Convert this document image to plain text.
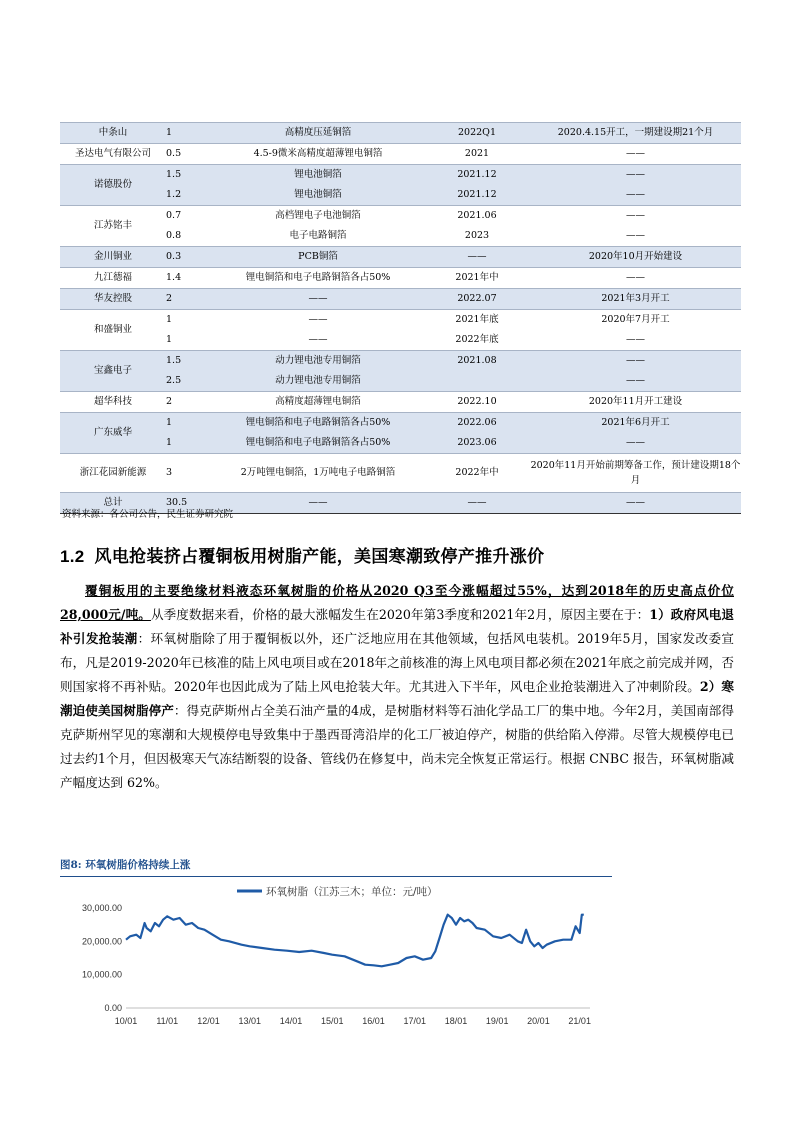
中条山	1	高精度压延铜箔	2022Q1	2020.4.15开工，一期建设期21个月
圣达电气有限公司	0.5	4.5-9微米高精度超薄锂电铜箔	2021	——
诺德股份	1.5	锂电池铜箔	2021.12	——
	1.2	锂电池铜箔	2021.12	——
江苏铭丰	0.7	高档锂电子电池铜箔	2021.06	——
	0.8	电子电路铜箔	2023	——
金川铜业	0.3	PCB铜箔	——	2020年10月开始建设
九江德福	1.4	锂电铜箔和电子电路铜箔各占50%	2021年中	——
华友控股	2	——	2022.07	2021年3月开工
和盛铜业	1	——	2021年底	2020年7月开工
	1	——	2022年底	——
宝鑫电子	1.5	动力锂电池专用铜箔	2021.08	——
	2.5	动力锂电池专用铜箔		——
超华科技	2	高精度超薄锂电铜箔	2022.10	2020年11月开工建设
广东威华	1	锂电铜箔和电子电路铜箔各占50%	2022.06	2021年6月开工
	1	锂电铜箔和电子电路铜箔各占50%	2023.06	——
浙江花园新能源	3	2万吨锂电铜箔，1万吨电子电路铜箔	2022年中	2020年11月开始前期筹备工作，预计建设期18个月
总计	30.5	——	——	——
资料来源：各公司公告，民生证券研究院
1.2 风电抢装挤占覆铜板用树脂产能，美国寒潮致停产推升涨价
覆铜板用的主要绝缘材料液态环氧树脂的价格从2020 Q3至今涨幅超过55%，达到2018年的历史高点价位28,000元/吨。从季度数据来看，价格的最大涨幅发生在2020年第3季度和2021年2月，原因主要在于：1）政府风电退补引发抢装潮：环氧树脂除了用于覆铜板以外，还广泛地应用在其他领域，包括风电装机。2019年5月，国家发改委宣布，凡是2019-2020年已核准的陆上风电项目或在2018年之前核准的海上风电项目都必须在2021年底之前完成并网，否则国家将不再补贴。2020年也因此成为了陆上风电抢装大年。尤其进入下半年，风电企业抢装潮进入了冲刺阶段。2）寒潮迫使美国树脂停产：得克萨斯州占全美石油产量的4成，是树脂材料等石油化学品工厂的集中地。今年2月，美国南部得克萨斯州罕见的寒潮和大规模停电导致集中于墨西哥湾沿岸的化工厂被迫停产，树脂的供给陷入停滞。尽管大规模停电已过去约1个月，但因极寒天气冻结断裂的设备、管线仍在修复中，尚未完全恢复正常运行。根据 CNBC 报告，环氧树脂减产幅度达到 62%。
图8: 环氧树脂价格持续上涨
环氧树脂（江苏三木；单位：元/吨）
0.00
10,000.00
20,000.00
30,000.00
10/01 11/01 12/01 13/01 14/01 15/01 16/01 17/01 18/01 19/01 20/01 21/01
